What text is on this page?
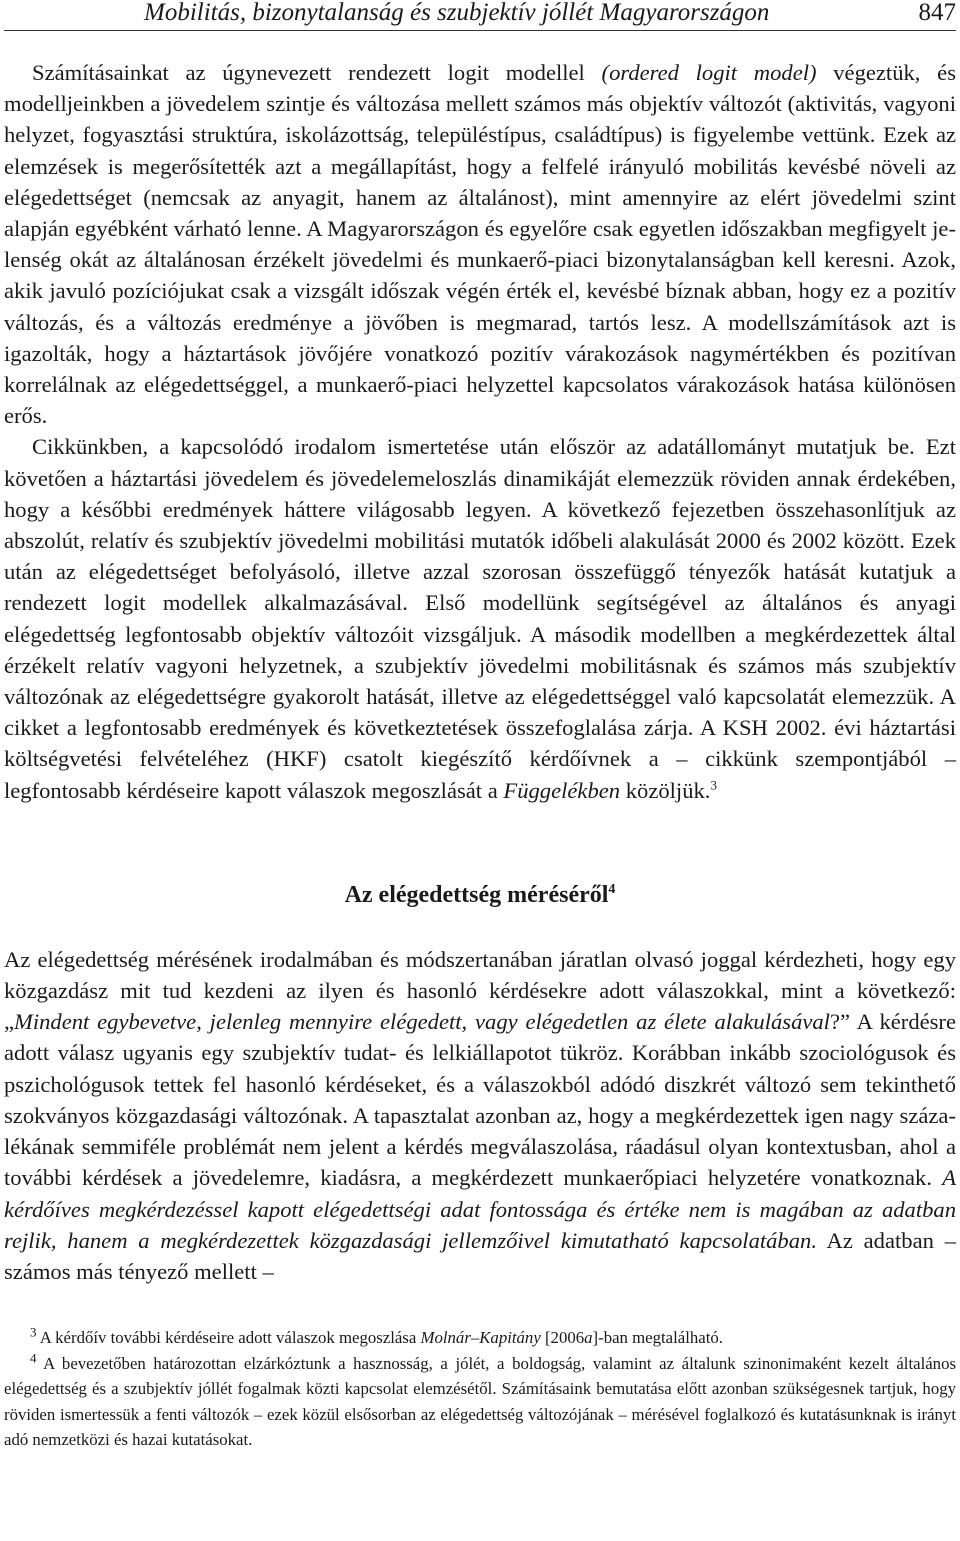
Mobilitás, bizonytalanság és szubjektív jóllét Magyarországon	847

Számításainkat az úgynevezett rendezett logit modellel (ordered logit model) végeztük, és modelljeinkben a jövedelem szintje és változása mellett számos más objektív változót (aktivitás, vagyoni helyzet, fogyasztási struktúra, iskolázottság, településtípus, családtípus) is figyelembe vettünk. Ezek az elemzések is megerősítették azt a megállapítást, hogy a felfelé irányuló mobilitás kevésbé növeli az elégedettséget (nemcsak az anyagit, hanem az általánost), mint amennyire az elért jövedelmi szint alapján egyébként várható lenne. A Magyarországon és egyelőre csak egyetlen időszakban megfigyelt jelenség okát az általánosan érzékelt jövedelmi és munkaerő-piaci bizonytalanságban kell keresni. Azok, akik javuló pozíciójukat csak a vizsgált időszak végén érték el, kevésbé bíznak abban, hogy ez a pozitív változás, és a változás eredménye a jövőben is megmarad, tartós lesz. A modellszámítások azt is igazolták, hogy a háztartások jövőjére vonatkozó pozitív várakozások nagymértékben és pozitívan korrelálnak az elégedettséggel, a munkaerő-piaci helyzettel kapcsolatos várakozások hatása különösen erős.

Cikkünkben, a kapcsolódó irodalom ismertetése után először az adatállományt mutatjuk be. Ezt követően a háztartási jövedelem és jövedelemeloszlás dinamikáját elemezzük röviden annak érdekében, hogy a későbbi eredmények háttere világosabb legyen. A következő fejezetben összehasonlítjuk az abszolút, relatív és szubjektív jövedelmi mobilitási mutatók időbeli alakulását 2000 és 2002 között. Ezek után az elégedettséget befolyásoló, illetve azzal szorosan összefüggő tényezők hatását kutatjuk a rendezett logit modellek alkalmazásával. Első modellünk segítségével az általános és anyagi elégedettség legfontosabb objektív változóit vizsgáljuk. A második modellben a megkérdezettek által érzékelt relatív vagyoni helyzetnek, a szubjektív jövedelmi mobilitásnak és számos más szubjektív változónak az elégedettségre gyakorolt hatását, illetve az elégedettséggel való kapcsolatát elemezzük. A cikket a legfontosabb eredmények és következtetések összefoglalása zárja. A KSH 2002. évi háztartási költségvetési felvételéhez (HKF) csatolt kiegészítő kérdőívnek a – cikkünk szempontjából – legfontosabb kérdéseire kapott válaszok megoszlását a Függelékben közöljük.$^3$

Az elégedettség méréséről$^4$

Az elégedettség mérésének irodalmában és módszertanában járatlan olvasó joggal kérdezheti, hogy egy közgazdász mit tud kezdeni az ilyen és hasonló kérdésekre adott válaszokkal, mint a következő: „Mindent egybevetve, jelenleg mennyire elégedett, vagy elégedetlen az élete alakulásával?” A kérdésre adott válasz ugyanis egy szubjektív tudat- és lelkiállapotot tükröz. Korábban inkább szociológusok és pszichológusok tettek fel hasonló kérdéseket, és a válaszokból adódó diszkrét változó sem tekinthető szokványos közgazdasági változónak. A tapasztalat azonban az, hogy a megkérdezettek igen nagy százalékának semmiféle problémát nem jelent a kérdés megválaszolása, ráadásul olyan kontextusban, ahol a további kérdések a jövedelemre, kiadásra, a megkérdezett munkaerőpiaci helyzetére vonatkoznak. A kérdőíves megkérdezéssel kapott elégedettségi adat fontossága és értéke nem is magában az adatban rejlik, hanem a megkérdezettek közgazdasági jellemzőivel kimutatható kapcsolatában. Az adatban – számos más tényező mellett –

$^3$ A kérdőív további kérdéseire adott válaszok megoszlása Molnár–Kapitány [2006a]-ban megtalálható.

$^4$ A bevezetőben határozottan elzárkóztunk a hasznosság, a jólét, a boldogság, valamint az általunk szinonimaként kezelt általános elégedettség és a szubjektív jóllét fogalmak közti kapcsolat elemzésétől. Számításaink bemutatása előtt azonban szükségesnek tartjuk, hogy röviden ismertessük a fenti változók – ezek közül elsősorban az elégedettség változójának – mérésével foglalkozó és kutatásunknak is irányt adó nemzetközi és hazai kutatásokat.
